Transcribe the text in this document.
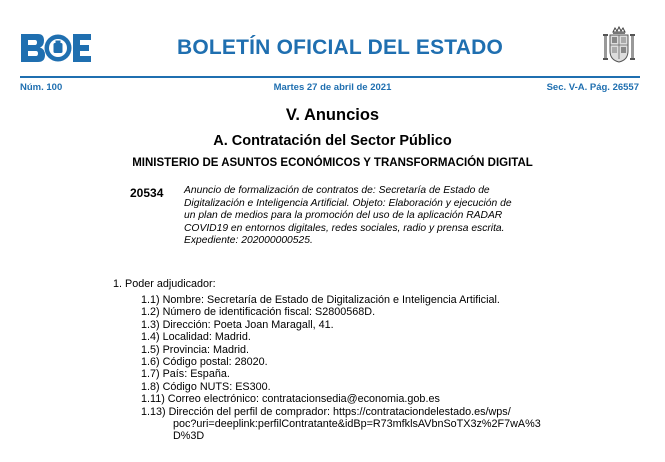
BOLETÍN OFICIAL DEL ESTADO
Núm. 100	Martes 27 de abril de 2021	Sec. V-A. Pág. 26557
V. Anuncios
A. Contratación del Sector Público
MINISTERIO DE ASUNTOS ECONÓMICOS Y TRANSFORMACIÓN DIGITAL
20534 Anuncio de formalización de contratos de: Secretaría de Estado de
Digitalización e Inteligencia Artificial. Objeto: Elaboración y ejecución de
un plan de medios para la promoción del uso de la aplicación RADAR
COVID19 en entornos digitales, redes sociales, radio y prensa escrita.
Expediente: 202000000525.
1. Poder adjudicador:
1.1) Nombre: Secretaría de Estado de Digitalización e Inteligencia Artificial.
1.2) Número de identificación fiscal: S2800568D.
1.3) Dirección: Poeta Joan Maragall, 41.
1.4) Localidad: Madrid.
1.5) Provincia: Madrid.
1.6) Código postal: 28020.
1.7) País: España.
1.8) Código NUTS: ES300.
1.11) Correo electrónico: contratacionsedia@economia.gob.es
1.13) Dirección del perfil de comprador: https://contrataciondelestado.es/wps/
poc?uri=deeplink:perfilContratante&idBp=R73mfklsAVbnSoTX3z%2F7wA%3
D%3D
